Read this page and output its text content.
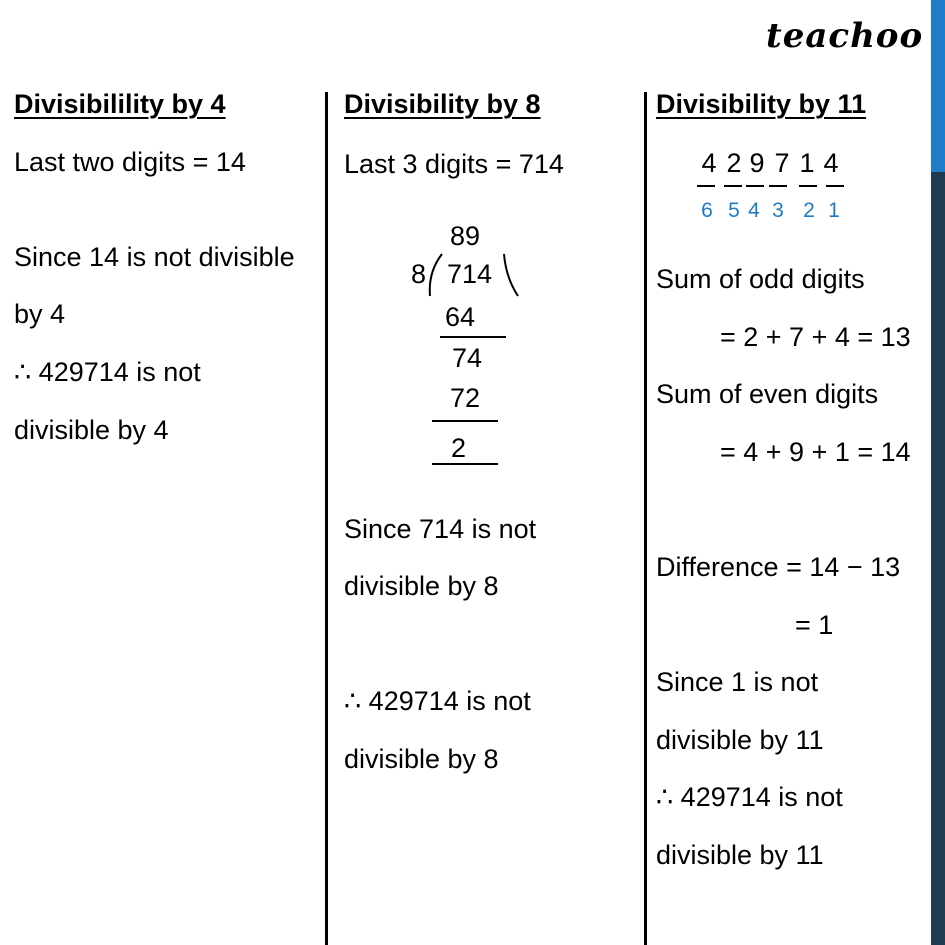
teachoo
Divisibilility by 4
Last two digits = 14
Since 14 is not divisible
by 4
∴ 429714 is not
divisible by 4
Divisibility by 8
Last 3 digits = 714
89
8 714
64
74
72
2
Since 714 is not
divisible by 8
∴ 429714 is not
divisible by 8
Divisibility by 11
4 2 9 7 1 4
6 5 4 3 2 1
Sum of odd digits
= 2 + 7 + 4 = 13
Sum of even digits
= 4 + 9 + 1 = 14
Difference = 14 − 13
= 1
Since 1 is not
divisible by 11
∴ 429714 is not
divisible by 11
